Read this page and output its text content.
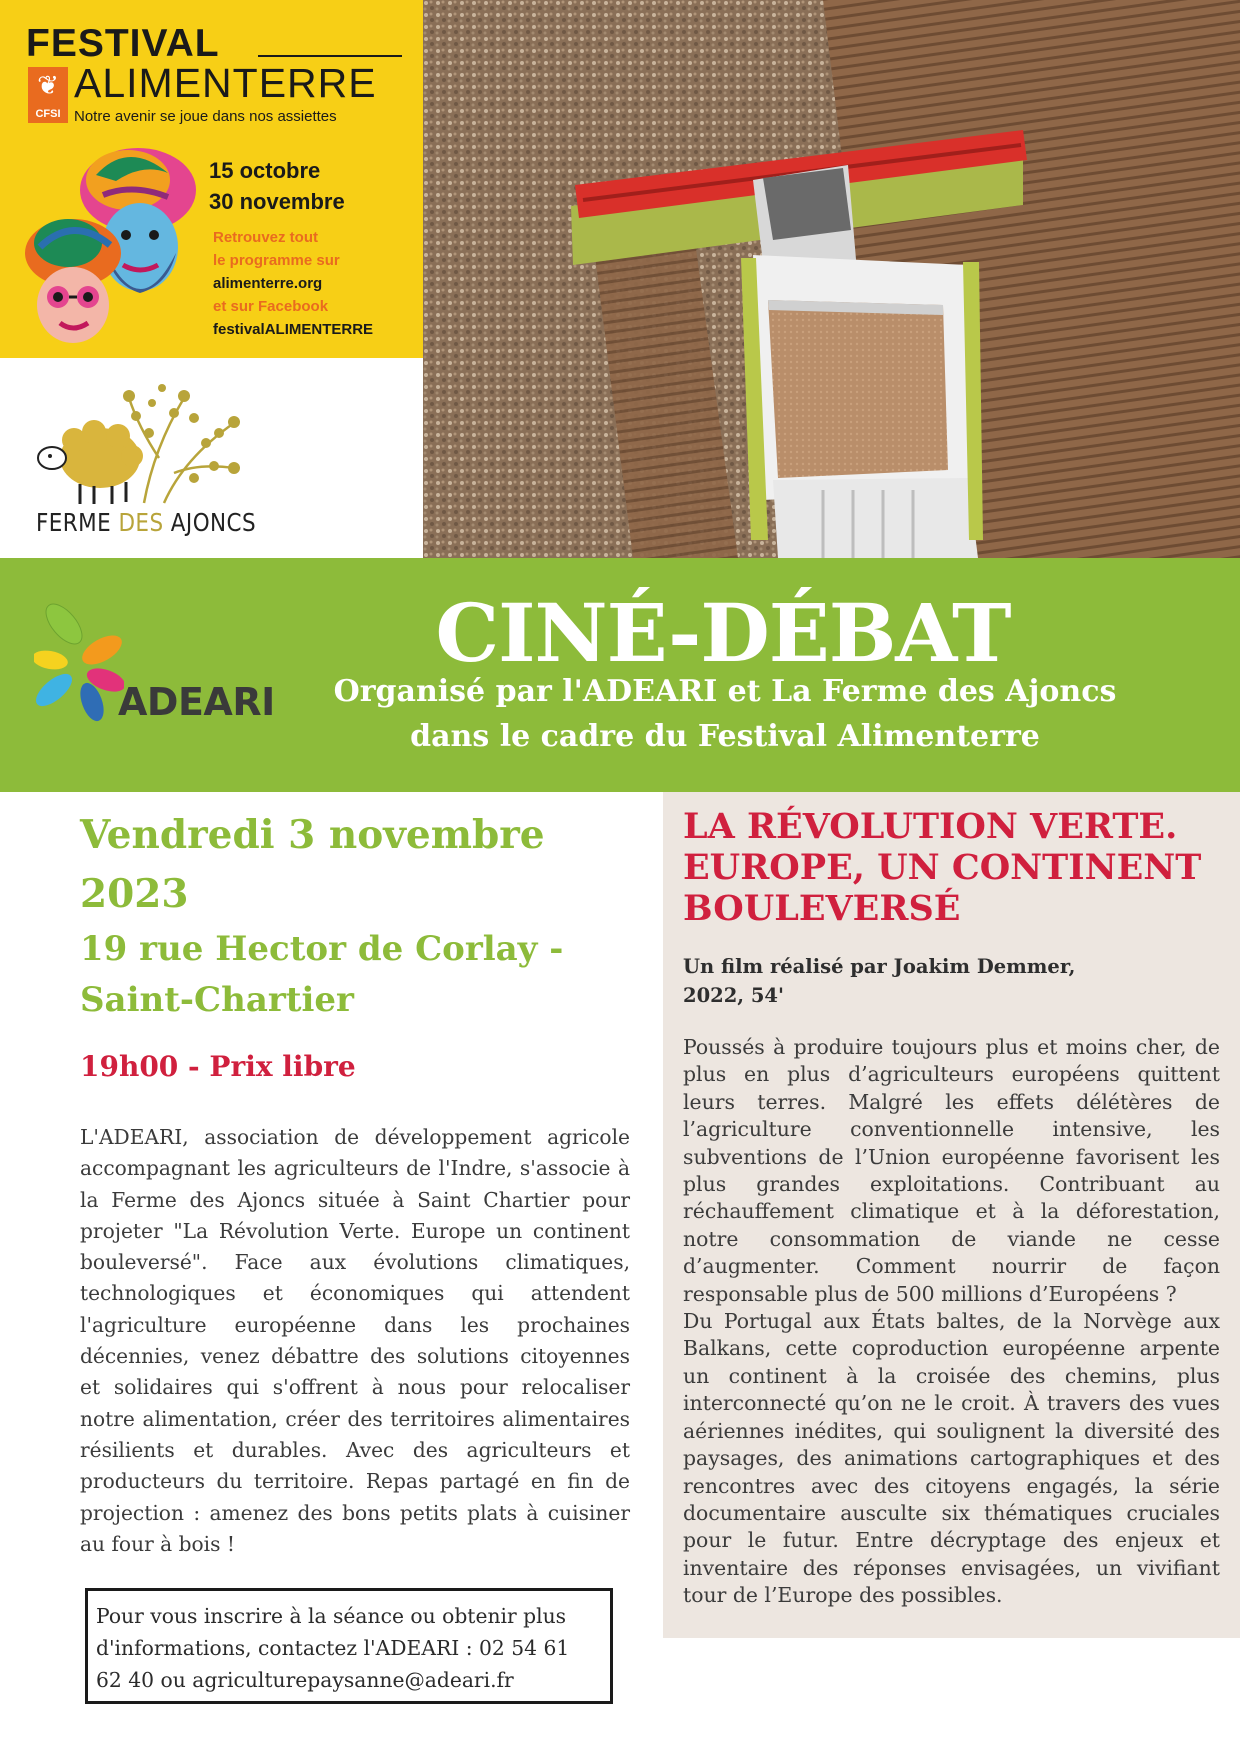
FESTIVAL
❦
CFSI
ALIMENTERRE
Notre avenir se joue dans nos assiettes
15 octobre
30 novembre
Retrouvez tout
le programme sur
alimenterre.org
et sur Facebook
festivalALIMENTERRE
FERME DES AJONCS
ADEARI
CINÉ-DÉBAT
Organisé par l'ADEARI et La Ferme des Ajoncs
dans le cadre du Festival Alimenterre
Vendredi 3 novembre 2023
19 rue Hector de Corlay - Saint-Chartier
19h00 - Prix libre
L'ADEARI, association de développement agricole accompagnant les agriculteurs de l'Indre, s'associe à la Ferme des Ajoncs située à Saint Chartier pour projeter "La Révolution Verte. Europe un continent bouleversé". Face aux évolutions climatiques, technologiques et économiques qui attendent l'agriculture européenne dans les prochaines décennies, venez débattre des solutions citoyennes et solidaires qui s'offrent à nous pour relocaliser notre alimentation, créer des territoires alimentaires résilients et durables. Avec des agriculteurs et producteurs du territoire. Repas partagé en fin de projection : amenez des bons petits plats à cuisiner au four à bois !
Pour vous inscrire à la séance ou obtenir plus d'informations, contactez l'ADEARI : 02 54 61 62 40 ou agriculturepaysanne@adeari.fr
LA RÉVOLUTION VERTE. EUROPE, UN CONTINENT BOULEVERSÉ
Un film réalisé par Joakim Demmer,
2022, 54'

Poussés à produire toujours plus et moins cher, de plus en plus d’agriculteurs européens quittent leurs terres. Malgré les effets délétères de l’agriculture conventionnelle intensive, les subventions de l’Union européenne favorisent les plus grandes exploitations. Contribuant au réchauffement climatique et à la déforestation, notre consommation de viande ne cesse d’augmenter. Comment nourrir de façon responsable plus de 500 millions d’Européens ?

Du Portugal aux États baltes, de la Norvège aux Balkans, cette coproduction européenne arpente un continent à la croisée des chemins, plus interconnecté qu’on ne le croit. À travers des vues aériennes inédites, qui soulignent la diversité des paysages, des animations cartographiques et des rencontres avec des citoyens engagés, la série documentaire ausculte six thématiques cruciales pour le futur. Entre décryptage des enjeux et inventaire des réponses envisagées, un vivifiant tour de l’Europe des possibles.
